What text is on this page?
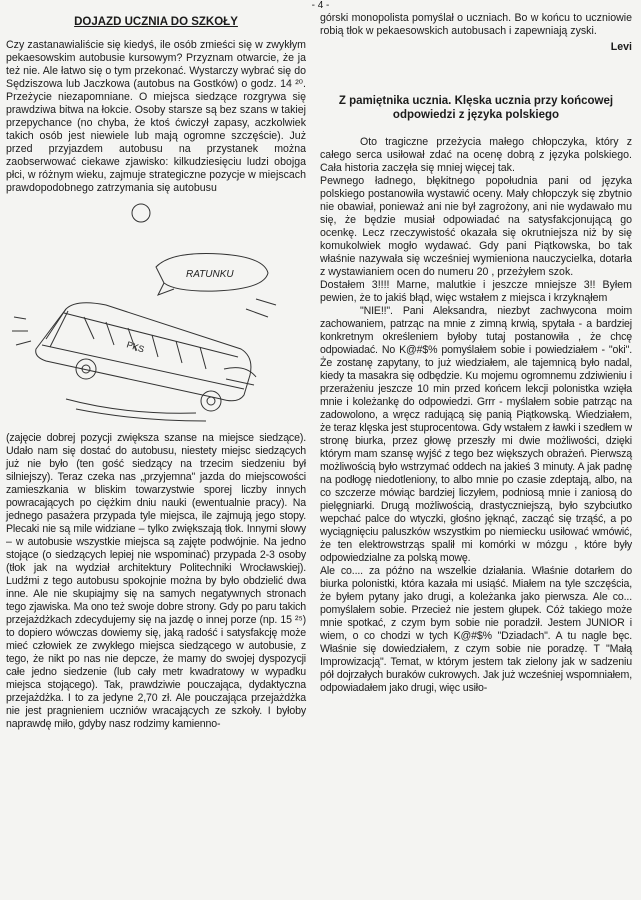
- 4 -
DOJAZD UCZNIA DO SZKOŁY

Czy zastanawialiście się kiedyś, ile osób zmieści się w zwykłym pekaesowskim autobusie kursowym? Przyznam otwarcie, że ja też nie. Ale łatwo się o tym przekonać. Wystarczy wybrać się do Sędziszowa lub Jaczkowa (autobus na Gostków) o godz. 14 ²⁰. Przeżycie niezapomniane. O miejsca siedzące rozgrywa się prawdziwa bitwa na łokcie. Osoby starsze są bez szans w takiej przepychance (no chyba, że ktoś ćwiczył zapasy, aczkolwiek takich osób jest niewiele lub mają ogromne szczęście). Już przed przyjazdem autobusu na przystanek można zaobserwować ciekawe zjawisko: kilkudziesięciu ludzi obojga płci, w różnym wieku, zajmuje strategiczne pozycje w miejscach prawdopodobnego zatrzymania się autobusu

RATUNKU
PKS

(zajęcie dobrej pozycji zwiększa szanse na miejsce siedzące). Udało nam się dostać do autobusu, niestety miejsc siedzących już nie było (ten gość siedzący na trzecim siedzeniu był silniejszy). Teraz czeka nas „przyjemna" jazda do miejscowości zamieszkania w bliskim towarzystwie sporej liczby innych powracających po ciężkim dniu nauki (ewentualnie pracy). Na jednego pasażera przypada tyle miejsca, ile zajmują jego stopy. Plecaki nie są mile widziane – tylko zwiększają tłok. Innymi słowy – w autobusie wszystkie miejsca są zajęte podwójnie. Na jedno stojące (o siedzących lepiej nie wspominać) przypada 2-3 osoby (tłok jak na wydział architektury Politechniki Wrocławskiej). Ludźmi z tego autobusu spokojnie można by było obdzielić dwa inne. Ale nie skupiajmy się na samych negatywnych stronach tego zjawiska. Ma ono też swoje dobre strony. Gdy po paru takich przejażdżkach zdecydujemy się na jazdę o innej porze (np. 15 ²⁵) to dopiero wówczas dowiemy się, jaką radość i satysfakcję może mieć człowiek ze zwykłego miejsca siedzącego w autobusie, z tego, że nikt po nas nie depcze, że mamy do swojej dyspozycji całe jedno siedzenie (lub cały metr kwadratowy w wypadku miejsca stojącego). Tak, prawdziwie pouczająca, dydaktyczna przejażdżka. I to za jedyne 2,70 zł. Ale pouczająca przejażdżka nie jest pragnieniem uczniów wracających ze szkoły. I byłoby naprawdę miło, gdyby nasz rodzimy kamienno-

górski monopolista pomyślał o uczniach. Bo w końcu to uczniowie robią tłok w pekaesowskich autobusach i zapewniają zyski.

Levi

Z pamiętnika ucznia. Klęska ucznia przy końcowej odpowiedzi z języka polskiego

Oto tragiczne przeżycia małego chłopczyka, który z całego serca usiłował zdać na ocenę dobrą z języka polskiego. Cała historia zaczęła się mniej więcej tak.

Pewnego ładnego, błękitnego popołudnia pani od języka polskiego postanowiła wystawić oceny. Mały chłopczyk się zbytnio nie obawiał, ponieważ ani nie był zagrożony, ani nie wydawało mu się, że będzie musiał odpowiadać na satysfakcjonującą go ocenkę. Lecz rzeczywistość okazała się okrutniejsza niż by się komukolwiek mogło wydawać. Gdy pani Piątkowska, bo tak właśnie nazywała się wcześniej wymieniona nauczycielka, dotarła z wystawianiem ocen do numeru 20 , przeżyłem szok.

Dostałem 3!!!! Marne, malutkie i jeszcze mniejsze 3!! Byłem pewien, że to jakiś błąd, więc wstałem z miejsca i krzyknąłem

"NIE!!". Pani Aleksandra, niezbyt zachwycona moim zachowaniem, patrząc na mnie z zimną krwią, spytała - a bardziej konkretnym określeniem byłoby tutaj postanowiła , że chcę odpowiadać. No K@#$% pomyślałem sobie i powiedziałem - "oki". Że zostanę zapytany, to już wiedziałem, ale tajemnicą było nadal, kiedy ta masakra się odbędzie. Ku mojemu ogromnemu zdziwieniu i przerażeniu jeszcze 10 min przed końcem lekcji polonistka wzięła mnie i koleżankę do odpowiedzi. Grrr - myślałem sobie patrząc na zadowolono, a wręcz radującą się panią Piątkowską. Wiedziałem, że teraz klęska jest stuprocentowa. Gdy wstałem z ławki i szedłem w stronę biurka, przez głowę przeszły mi dwie możliwości, dzięki którym mam szansę wyjść z tego bez większych obrażeń. Pierwszą możliwością było wstrzymać oddech na jakieś 3 minuty. A jak padnę na podłogę niedotleniony, to albo mnie po czasie zdeptają, albo, na co szczerze mówiąc bardziej liczyłem, podniosą mnie i zaniosą do pielęgniarki. Drugą możliwością, drastyczniejszą, było szybciutko wepchać palce do wtyczki, głośno jęknąć, zacząć się trząść, a po wyciągnięciu paluszków wszystkim po niemiecku usiłować wmówić, że ten elektrowstrząs spalił mi komórki w mózgu , które były odpowiedzialne za polską mowę.

Ale co.... za późno na wszelkie działania. Właśnie dotarłem do biurka polonistki, która kazała mi usiąść. Miałem na tyle szczęścia, że byłem pytany jako drugi, a koleżanka jako pierwsza. Ale co... pomyślałem sobie. Przecież nie jestem głupek. Cóż takiego może mnie spotkać, z czym bym sobie nie poradził. Jestem JUNIOR i wiem, o co chodzi w tych K@#$% "Dziadach". A tu nagle bęc. Właśnie się dowiedziałem, z czym sobie nie poradzę. T "Małą Improwizacją". Temat, w którym jestem tak zielony jak w sadzeniu pół dojrzałych buraków cukrowych. Jak już wcześniej wspomniałem, odpowiadałem jako drugi, więc usiło-
